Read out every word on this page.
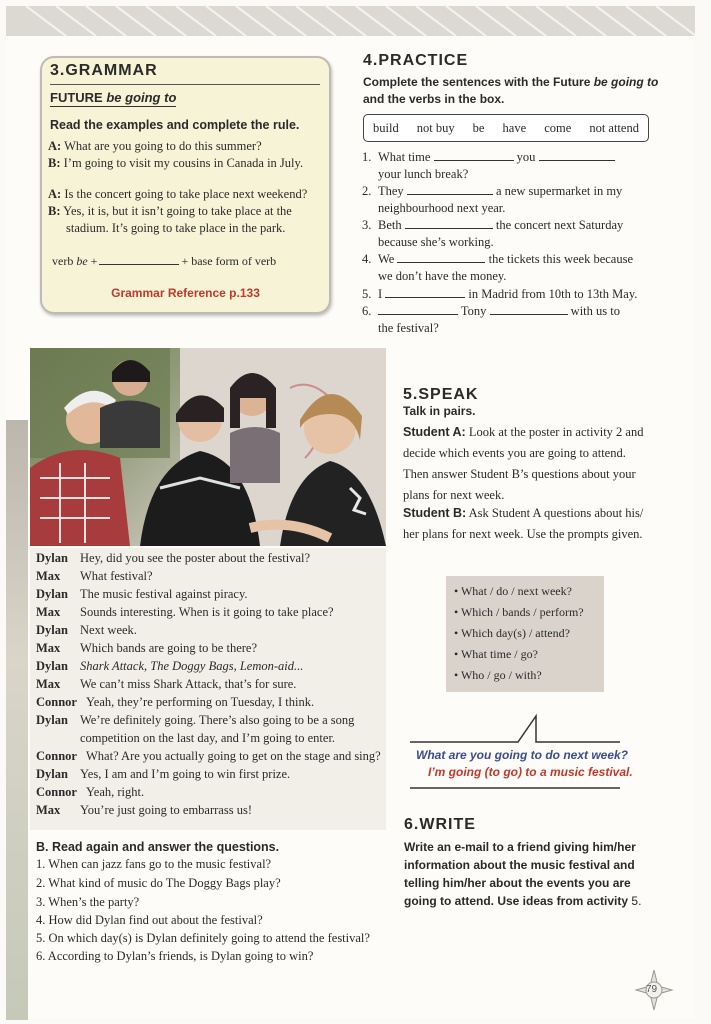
3.GRAMMAR
FUTURE be going to
Read the examples and complete the rule.
A: What are you going to do this summer?
B: I’m going to visit my cousins in Canada in July.
A: Is the concert going to take place next weekend?
B: Yes, it is, but it isn’t going to take place at the
stadium. It’s going to take place in the park.
verb be +	+ base form of verb
Grammar Reference p.133
4.PRACTICE
Complete the sentences with the Future be going to and the verbs in the box.
build not buy be have come not attend
1. What time	you
your lunch break?
2. They	a new supermarket in my
neighbourhood next year.
3. Beth	the concert next Saturday
because she’s working.
4. We	the tickets this week because
we don’t have the money.
5. I	in Madrid from 10th to 13th May.
6.	Tony	with us to
the festival?
Dylan Hey, did you see the poster about the festival?
Max What festival?
Dylan The music festival against piracy.
Max Sounds interesting. When is it going to take place?
Dylan Next week.
Max Which bands are going to be there?
Dylan Shark Attack, The Doggy Bags, Lemon-aid...
Max We can’t miss Shark Attack, that’s for sure.
Connor Yeah, they’re performing on Tuesday, I think.
Dylan We’re definitely going. There’s also going to be a song
competition on the last day, and I’m going to enter.
Connor What? Are you actually going to get on the stage and sing?
Dylan Yes, I am and I’m going to win first prize.
Connor Yeah, right.
Max You’re just going to embarrass us!
B. Read again and answer the questions.
1. When can jazz fans go to the music festival?
2. What kind of music do The Doggy Bags play?
3. When’s the party?
4. How did Dylan find out about the festival?
5. On which day(s) is Dylan definitely going to attend the festival?
6. According to Dylan’s friends, is Dylan going to win?
5.SPEAK
Talk in pairs.
Student A: Look at the poster in activity 2 and decide which events you are going to attend. Then answer Student B’s questions about your plans for next week.
Student B: Ask Student A questions about his/ her plans for next week. Use the prompts given.
• What / do / next week?
• Which / bands / perform?
• Which day(s) / attend?
• What time / go?
• Who / go / with?
What are you going to do next week?
I’m going (to go) to a music festival.
6.WRITE
Write an e-mail to a friend giving him/her information about the music festival and telling him/her about the events you are going to attend. Use ideas from activity 5.
79
